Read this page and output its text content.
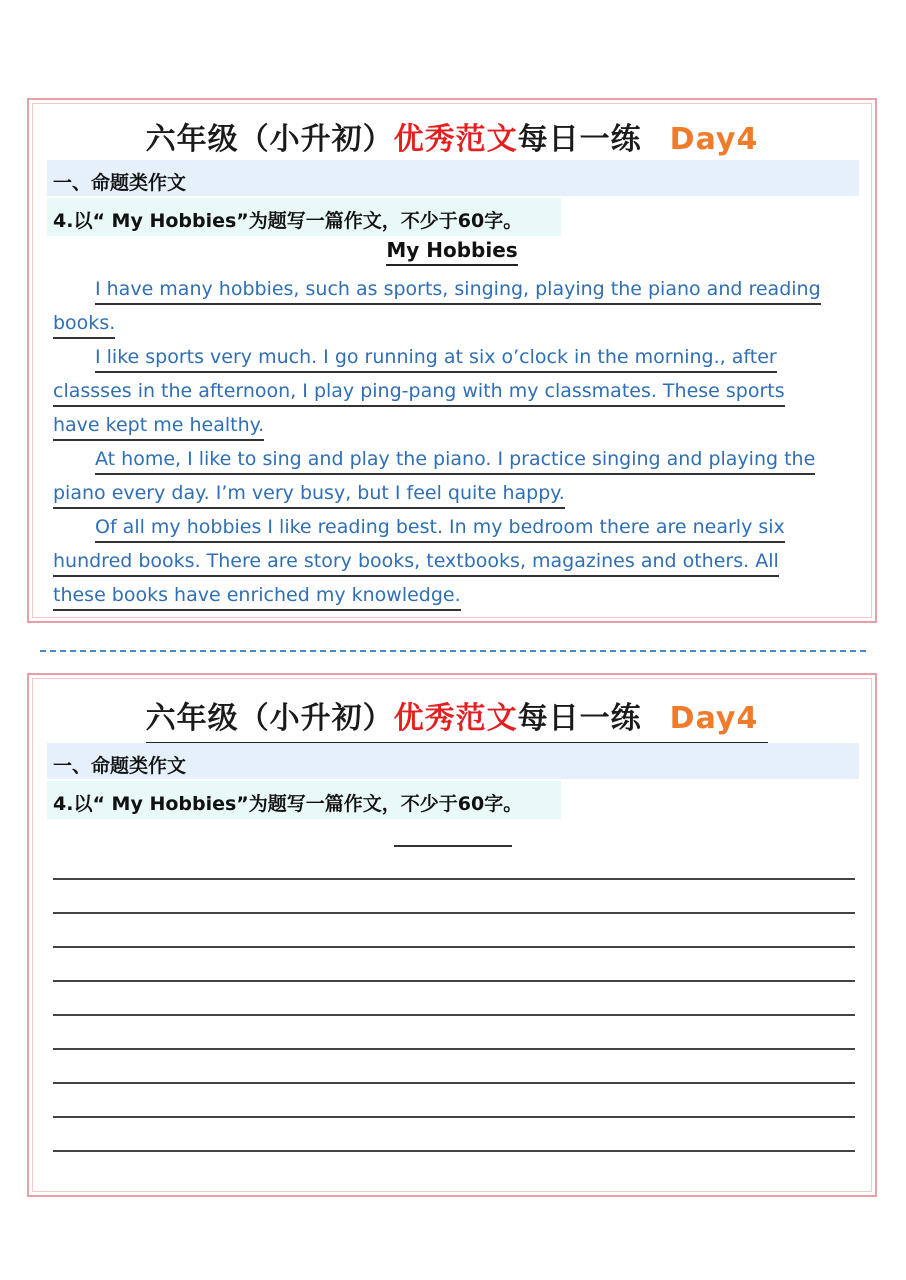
六年级（小升初）优秀范文每日一练 Day4
一、命题类作文
4.以“ My Hobbies”为题写一篇作文，不少于60字。
My Hobbies
I have many hobbies, such as sports, singing, playing the piano and reading
books.
I like sports very much. I go running at six o’clock in the morning., after
classses in the afternoon, I play ping-pang with my classmates. These sports
have kept me healthy.
At home, I like to sing and play the piano. I practice singing and playing the
piano every day. I’m very busy, but I feel quite happy.
Of all my hobbies I like reading best. In my bedroom there are nearly six
hundred books. There are story books, textbooks, magazines and others. All
these books have enriched my knowledge.
六年级（小升初）优秀范文每日一练 Day4
一、命题类作文
4.以“ My Hobbies”为题写一篇作文，不少于60字。
